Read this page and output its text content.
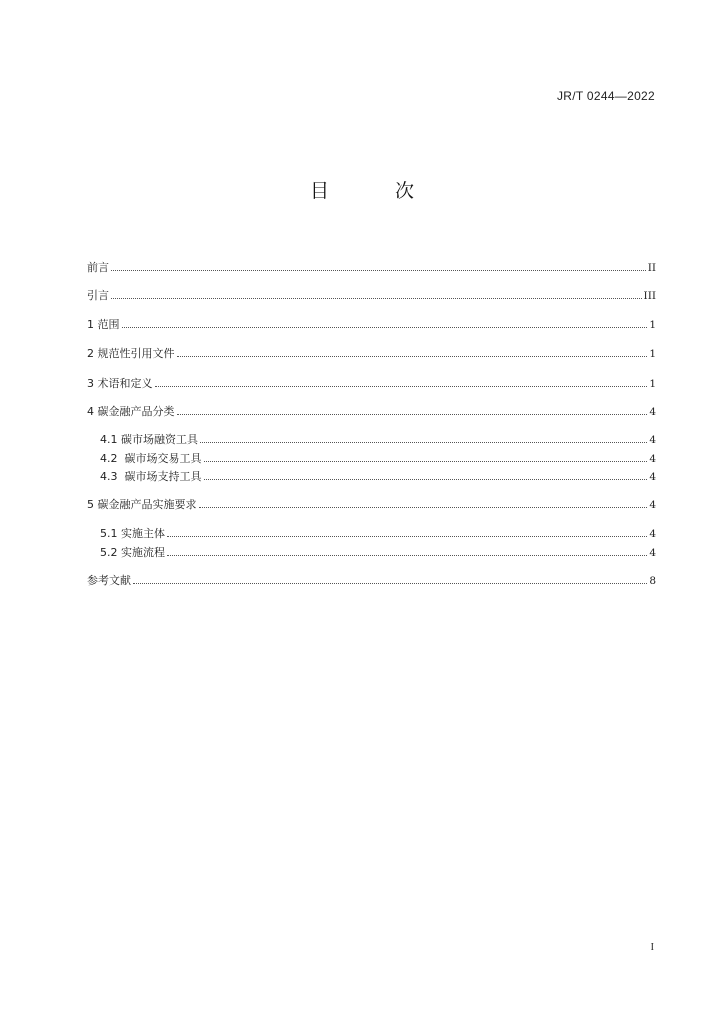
JR/T 0244—2022
目 次
前言	II
引言	III
1 范围	1
2 规范性引用文件	1
3 术语和定义	1
4 碳金融产品分类	4
4.1 碳市场融资工具	4
4.2  碳市场交易工具	4
4.3  碳市场支持工具	4
5 碳金融产品实施要求	4
5.1 实施主体	4
5.2 实施流程	4
参考文献	8
I
